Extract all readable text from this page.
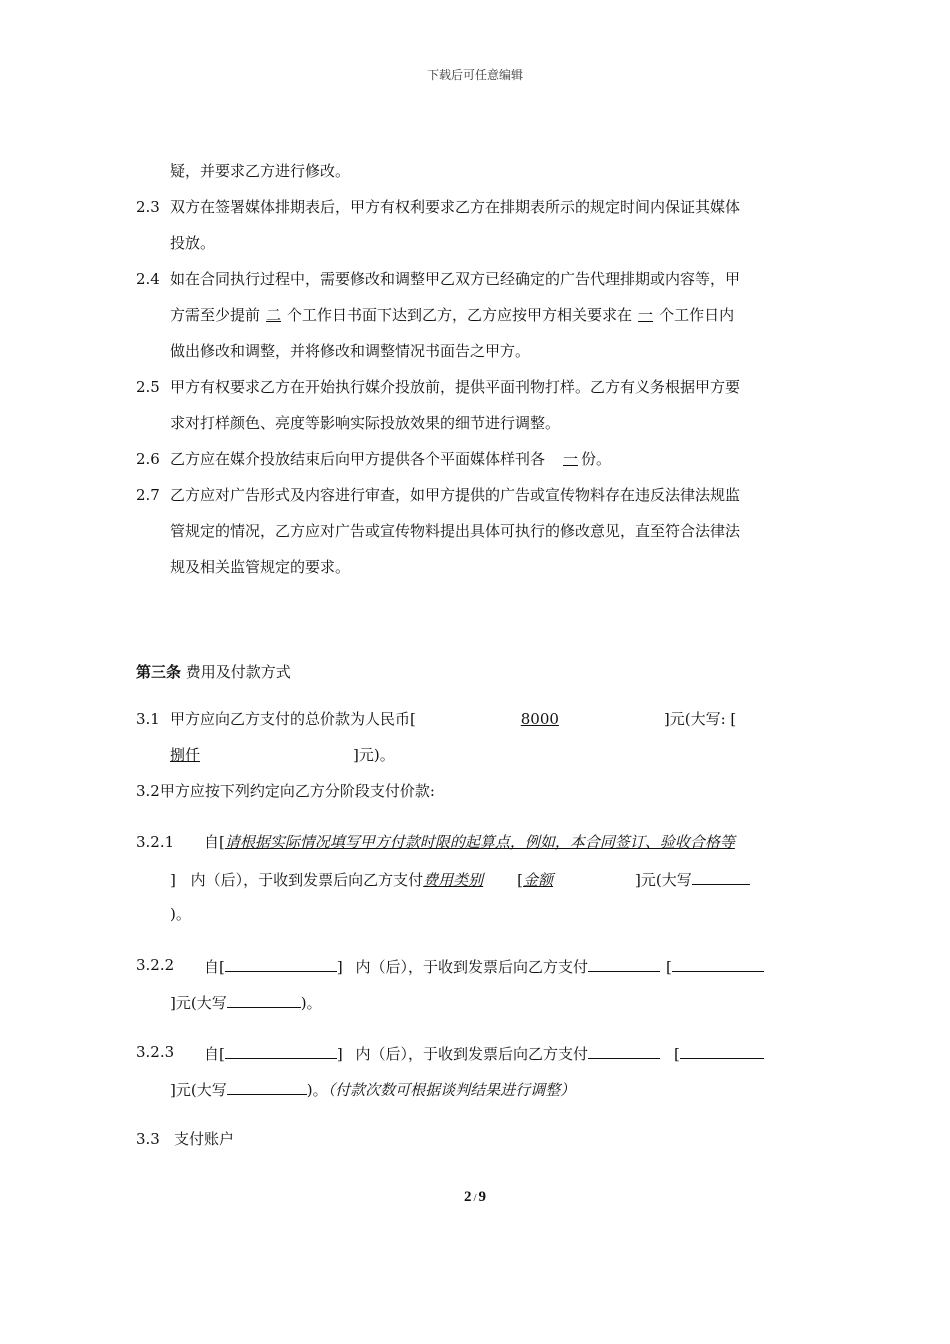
下载后可任意编辑
疑，并要求乙方进行修改。
2.3 双方在签署媒体排期表后，甲方有权利要求乙方在排期表所示的规定时间内保证其媒体
投放。
2.4 如在合同执行过程中，需要修改和调整甲乙双方已经确定的广告代理排期或内容等，甲
方需至少提前 二 个工作日书面下达到乙方，乙方应按甲方相关要求在 一 个工作日内
做出修改和调整，并将修改和调整情况书面告之甲方。
2.5 甲方有权要求乙方在开始执行媒介投放前，提供平面刊物打样。乙方有义务根据甲方要
求对打样颜色、亮度等影响实际投放效果的细节进行调整。
2.6 乙方应在媒介投放结束后向甲方提供各个平面媒体样刊各 一 份。
2.7 乙方应对广告形式及内容进行审查，如甲方提供的广告或宣传物料存在违反法律法规监
管规定的情况，乙方应对广告或宣传物料提出具体可执行的修改意见，直至符合法律法
规及相关监管规定的要求。
第三条 费用及付款方式
3.1 甲方应向乙方支付的总价款为人民币[	8000	]元(大写: [
捌仟	]元)。
3.2甲方应按下列约定向乙方分阶段支付价款:
3.2.1 自[请根据实际情况填写甲方付款时限的起算点，例如，本合同签订、验收合格等
] 内（后），于收到发票后向乙方支付费用类别 [金额	]元(大写
)。
3.2.2 自[	] 内（后），于收到发票后向乙方支付	[
]元(大写	)。
3.2.3 自[	] 内（后），于收到发票后向乙方支付	[
]元(大写	)。（付款次数可根据谈判结果进行调整）
3.3 支付账户
2 / 9
